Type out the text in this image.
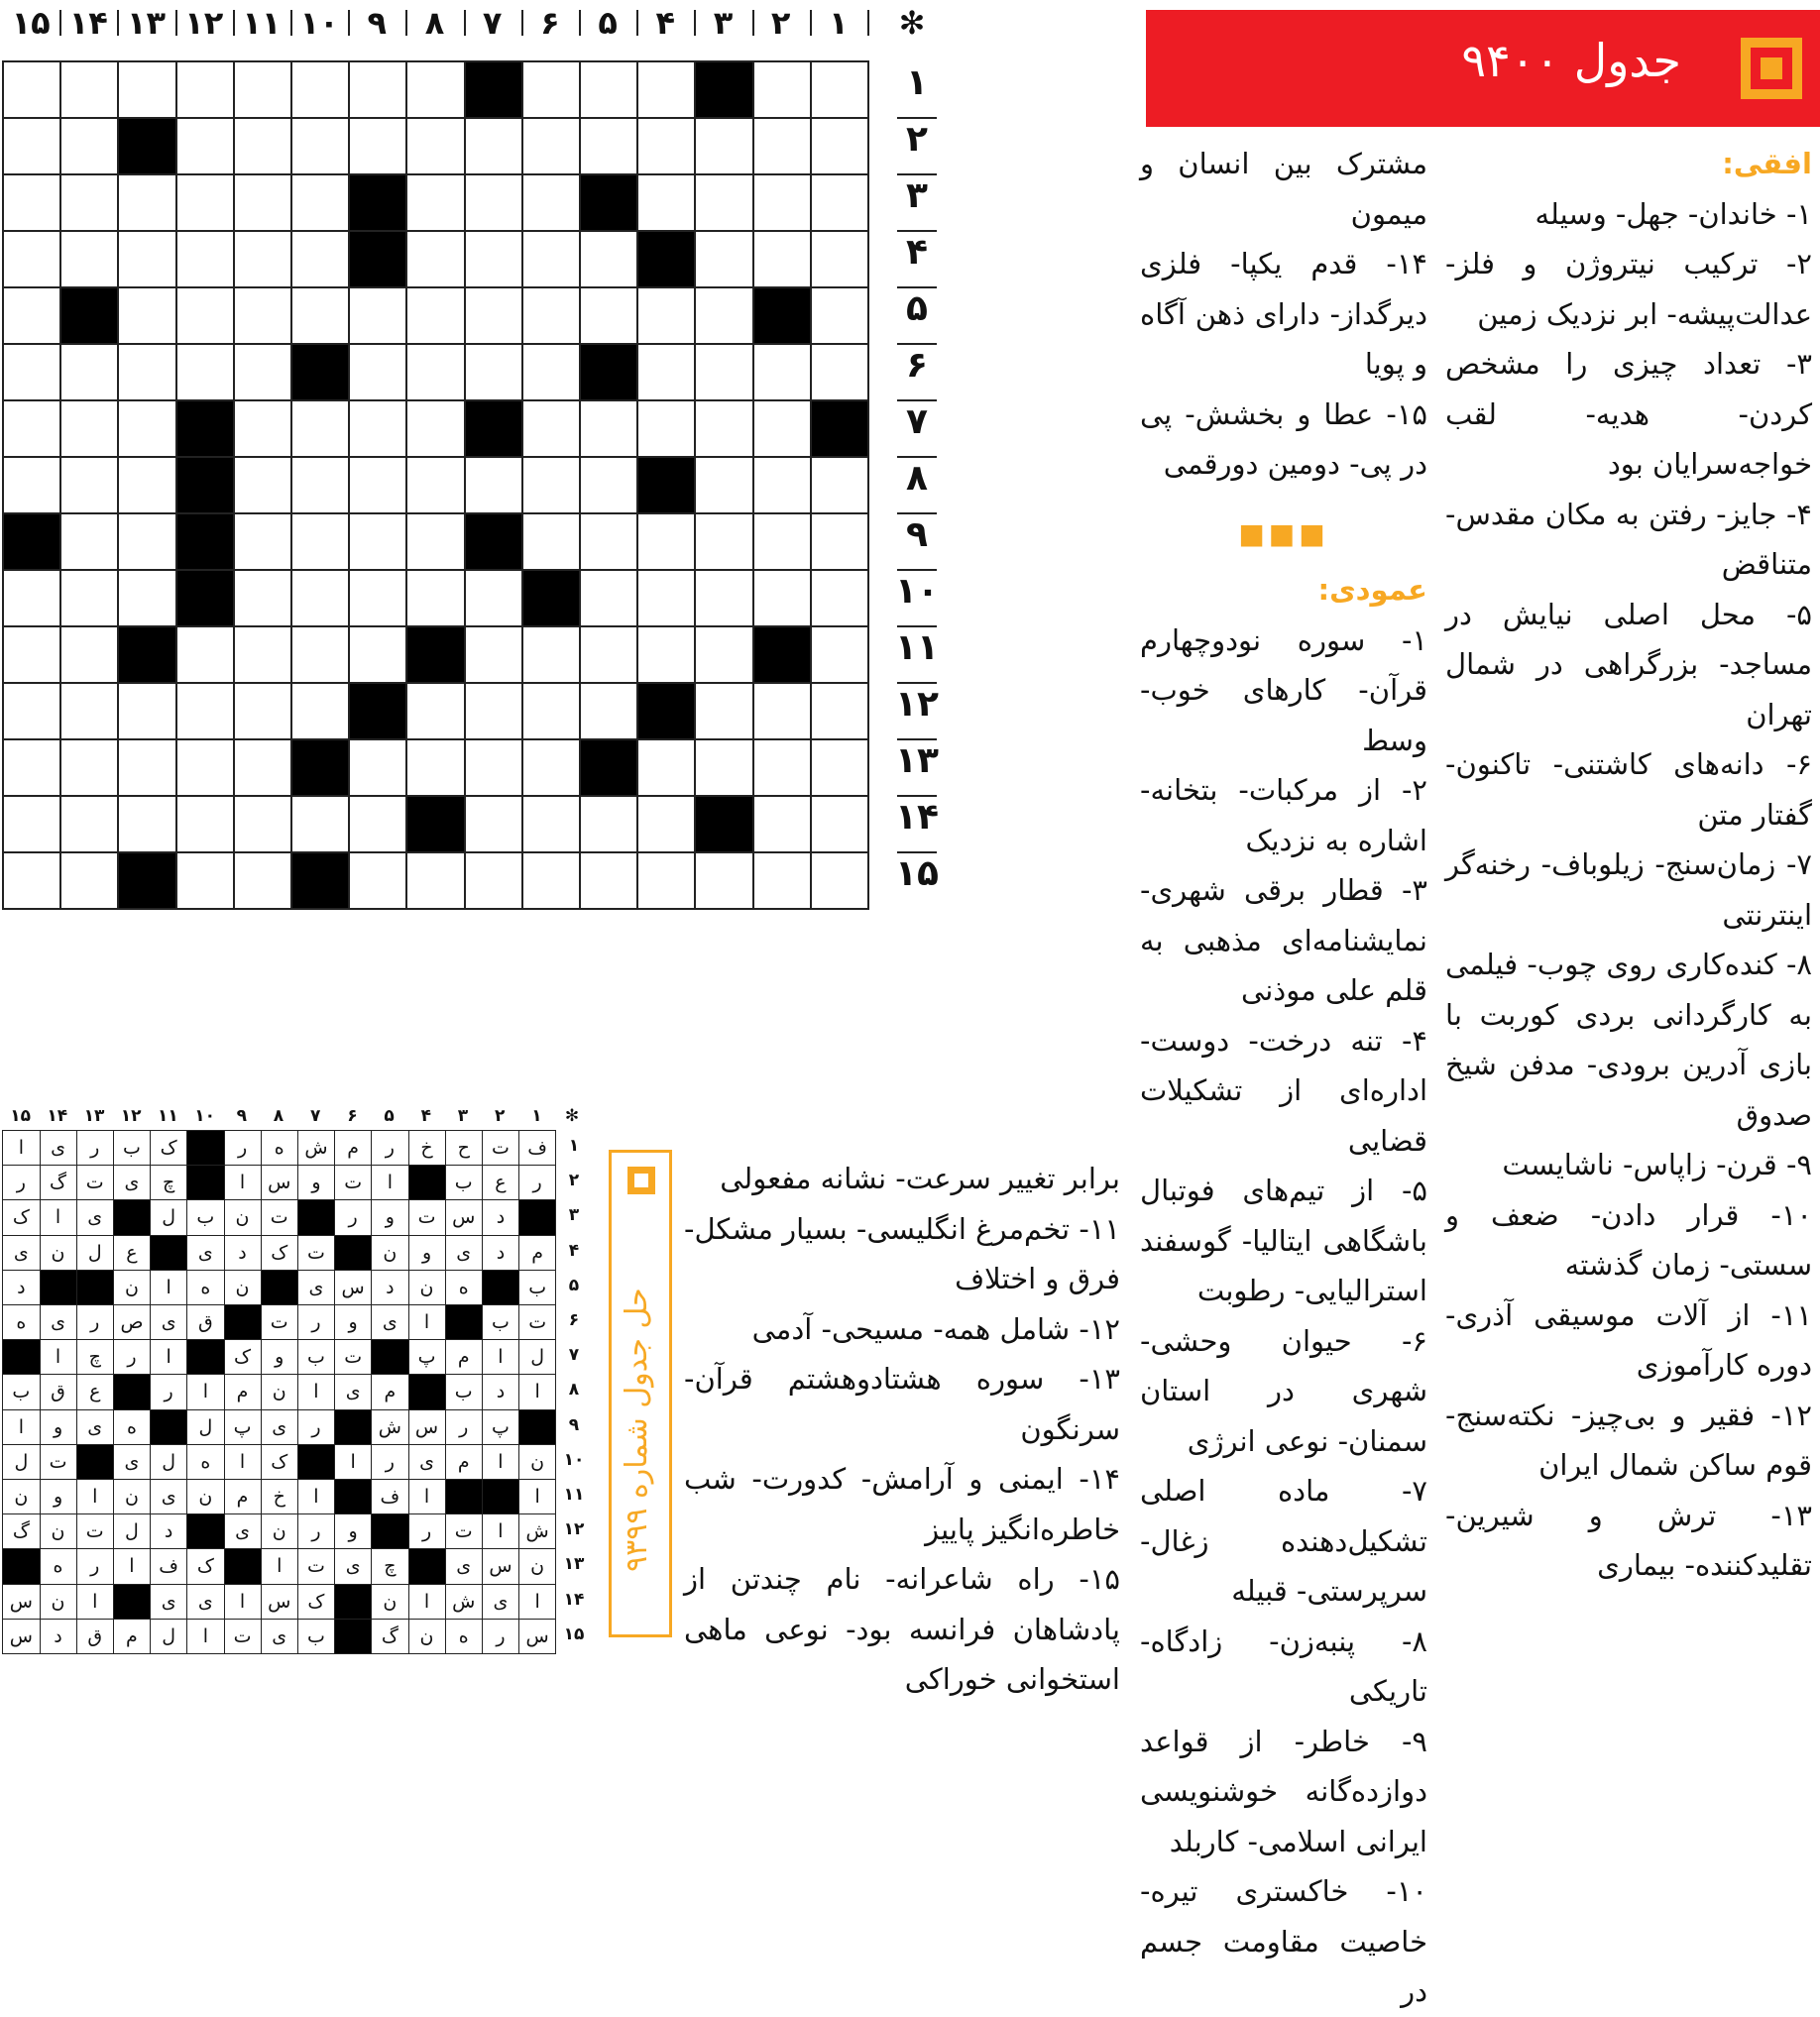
جدول ۹۴۰۰
✻
۱
۲
۳
۴
۵
۶
۷
۸
۹
۱۰
۱۱
۱۲
۱۳
۱۴
۱۵
۱
۲
۳
۴
۵
۶
۷
۸
۹
۱۰
۱۱
۱۲
۱۳
۱۴
۱۵

افقی:

۱- خاندان- جهل- وسیله

۲- ترکیب نیتروژن و فلز- عدالت‌پیشه- ابر نزدیک زمین

۳- تعداد چیزی را مشخص کردن- هدیه- لقب خواجه‌سرایان بود

۴- جایز- رفتن به مکان مقدس- متناقض

۵- محل اصلی نیایش در مساجد- بزرگراهی در شمال تهران

۶- دانه‌های کاشتنی- تاکنون- گفتار متن

۷- زمان‌سنج- زیلوباف- رخنه‌گر اینترنتی

۸- کنده‌کاری روی چوب- فیلمی به کارگردانی بردی کوربت با بازی آدرین برودی- مدفن شیخ صدوق

۹- قرن- زاپاس- ناشایست

۱۰- قرار دادن- ضعف و سستی- زمان گذشته

۱۱- از آلات موسیقی آذری- دوره کارآموزی

۱۲- فقیر و بی‌چیز- نکته‌سنج- قوم ساکن شمال ایران

۱۳- ترش و شیرین- تقلیدکننده- بیماری

مشترک بین انسان و میمون

۱۴- قدم یکپا- فلزی دیرگداز- دارای ذهن آگاه و پویا

۱۵- عطا و بخشش- پی در پی- دومین دورقمی

■■■

عمودی:

۱- سوره نودوچهارم قرآن- کارهای خوب- وسط

۲- از مرکبات- بتخانه- اشاره به نزدیک

۳- قطار برقی شهری- نمایشنامه‌ای مذهبی به قلم علی موذنی

۴- تنه درخت- دوست- اداره‌ای از تشکیلات قضایی

۵- از تیم‌های فوتبال باشگاهی ایتالیا- گوسفند استرالیایی- رطوبت

۶- حیوان وحشی- شهری در استان سمنان- نوعی انرژی

۷- ماده اصلی تشکیل‌دهنده زغال- سرپرستی- قبیله

۸- پنبه‌زن- زادگاه- تاریکی

۹- خاطر- از قواعد دوازده‌گانه خوشنویسی ایرانی اسلامی- کاربلد

۱۰- خاکستری تیره- خاصیت مقاومت جسم در

برابر تغییر سرعت- نشانه مفعولی

۱۱- تخم‌مرغ انگلیسی- بسیار مشکل- فرق و اختلاف

۱۲- شامل همه- مسیحی- آدمی

۱۳- سوره هشتادوهشتم قرآن- سرنگون

۱۴- ایمنی و آرامش- کدورت- شب خاطره‌انگیز پاییز

۱۵- راه شاعرانه- نام چندتن از پادشاهان فرانسه بود- نوعی ماهی استخوانی خوراکی

حل جدول شماره ۹۳۹۹
✻
۱
۲
۳
۴
۵
۶
۷
۸
۹
۱۰
۱۱
۱۲
۱۳
۱۴
۱۵
ف
ت
ح
خ
ر
م
ش
ه
ر
ک
ب
ر
ی
ا	۱
ر
ع
ب
ا
ت
و
س
ا
چ
ی
ت
گ
ر	۲
د
س
ت
و
ر
ت
ن
ب
ل
ی
ا
ک	۳
م
د
ی
و
ن
ت
ک
د
ی
ع
ل
ن
ی	۴
ب
ه
ن
د
س
ی
ن
ه
ا
ن
د	۵
ت
ب
ا
ی
و
ر
ت
ق
ی
ص
ر
ی
ه	۶
ل
ا
م
پ
ت
ب
و
ک
ا
ر
چ
ا	۷
ا
د
ب
م
ی
ا
ن
م
ا
ر
ع
ق
ب	۸
پ
ر
س
ش
ر
ی
پ
ل
ه
ی
و
ا	۹
ن
ا
م
ی
ر
ا
ک
ا
ه
ل
ی
ت
ل	۱۰
ا
ا
ف
ا
خ
م
ن
ی
ن
ا
و
ن	۱۱
ش
ا
ت
ر
و
ر
ن
ی
د
ل
ت
ن
گ	۱۲
ن
س
ی
چ
ی
ت
ا
ک
ف
ا
ر
ه	۱۳
ا
ی
ش
ا
ن
ک
س
ا
ی
ی
ا
ن
س	۱۴
س
ر
ه
ن
گ
ب
ی
ت
ا
ل
م
ق
د
س	۱۵
